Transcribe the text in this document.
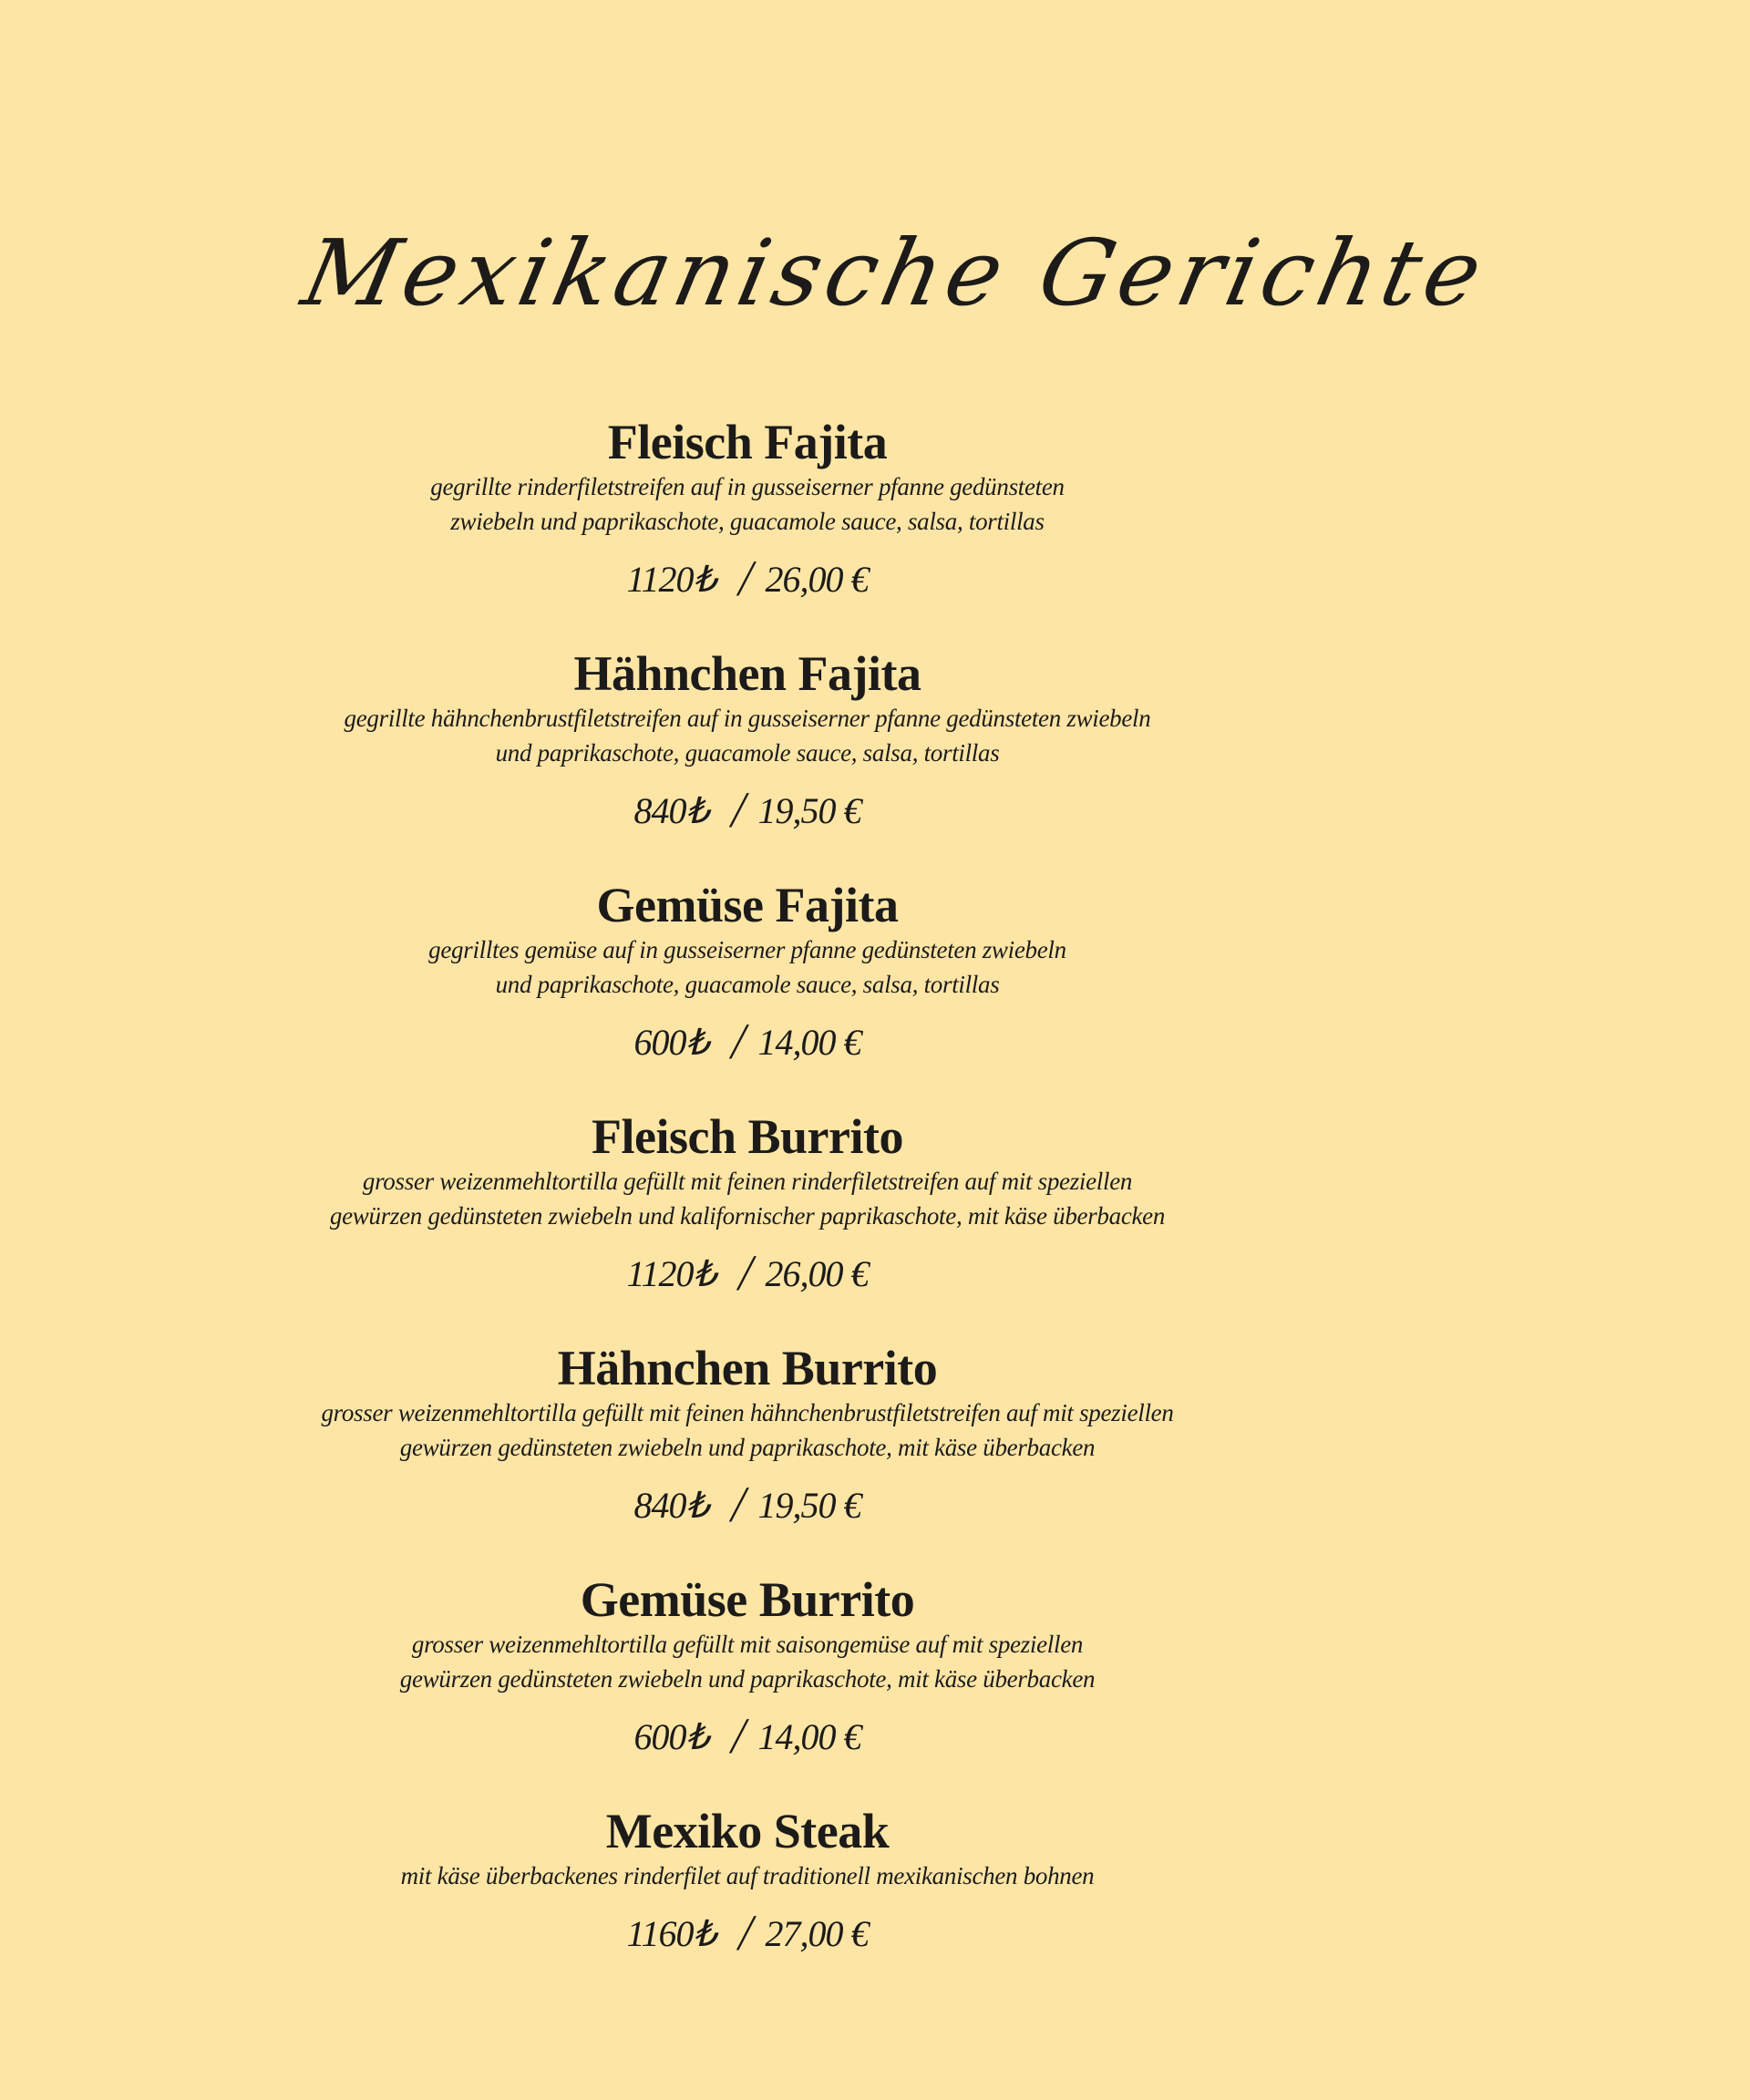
Mexikanische Gerichte
Fleisch Fajita
gegrillte rinderfiletstreifen auf in gusseiserner pfanne gedünsteten
zwiebeln und paprikaschote, guacamole sauce, salsa, tortillas
1120₺ / 26,00 €
Hähnchen Fajita
gegrillte hähnchenbrustfiletstreifen auf in gusseiserner pfanne gedünsteten zwiebeln
und paprikaschote, guacamole sauce, salsa, tortillas
840₺ / 19,50 €
Gemüse Fajita
gegrilltes gemüse auf in gusseiserner pfanne gedünsteten zwiebeln
und paprikaschote, guacamole sauce, salsa, tortillas
600₺ / 14,00 €
Fleisch Burrito
grosser weizenmehltortilla gefüllt mit feinen rinderfiletstreifen auf mit speziellen
gewürzen gedünsteten zwiebeln und kalifornischer paprikaschote, mit käse überbacken
1120₺ / 26,00 €
Hähnchen Burrito
grosser weizenmehltortilla gefüllt mit feinen hähnchenbrustfiletstreifen auf mit speziellen
gewürzen gedünsteten zwiebeln und paprikaschote, mit käse überbacken
840₺ / 19,50 €
Gemüse Burrito
grosser weizenmehltortilla gefüllt mit saisongemüse auf mit speziellen
gewürzen gedünsteten zwiebeln und paprikaschote, mit käse überbacken
600₺ / 14,00 €
Mexiko Steak
mit käse überbackenes rinderfilet auf traditionell mexikanischen bohnen
1160₺ / 27,00 €
